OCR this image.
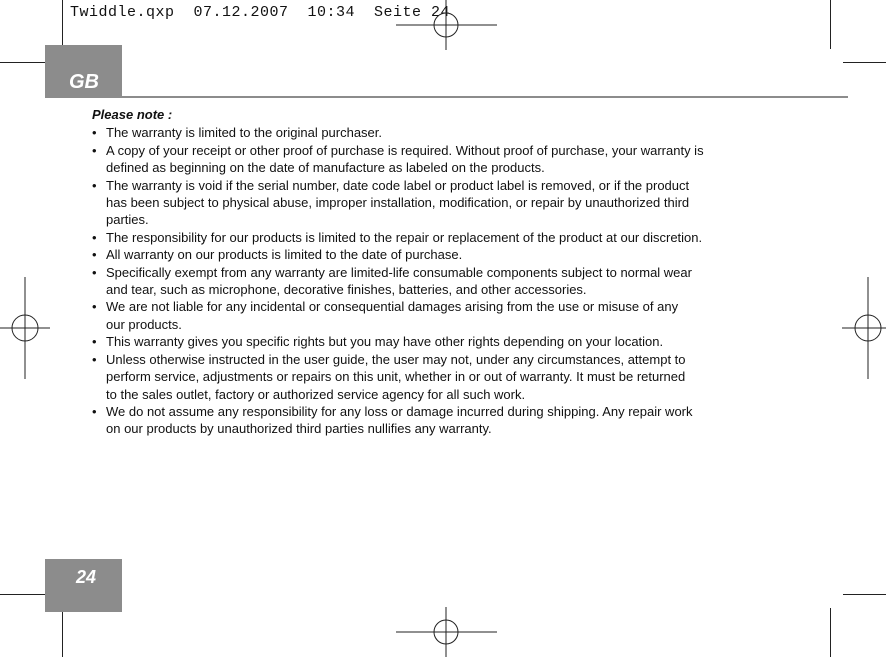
Twiddle.qxp  07.12.2007  10:34  Seite 24
GB
Please note :
• The warranty is limited to the original purchaser.
• A copy of your receipt or other proof of purchase is required. Without proof of purchase, your warranty is
defined as beginning on the date of manufacture as labeled on the products.
• The warranty is void if the serial number, date code label or product label is removed, or if the product
has been subject to physical abuse, improper installation, modification, or repair by unauthorized third
parties.
• The responsibility for our products is limited to the repair or replacement of the product at our discretion.
• All warranty on our products is limited to the date of purchase.
• Specifically exempt from any warranty are limited-life consumable components subject to normal wear
and tear, such as microphone, decorative finishes, batteries, and other accessories.
• We are not liable for any incidental or consequential damages arising from the use or misuse of any
our products.
• This warranty gives you specific rights but you may have other rights depending on your location.
• Unless otherwise instructed in the user guide, the user may not, under any circumstances, attempt to
perform service, adjustments or repairs on this unit, whether in or out of warranty. It must be returned
to the sales outlet, factory or authorized service agency for all such work.
• We do not assume any responsibility for any loss or damage incurred during shipping. Any repair work
on our products by unauthorized third parties nullifies any warranty.
24
